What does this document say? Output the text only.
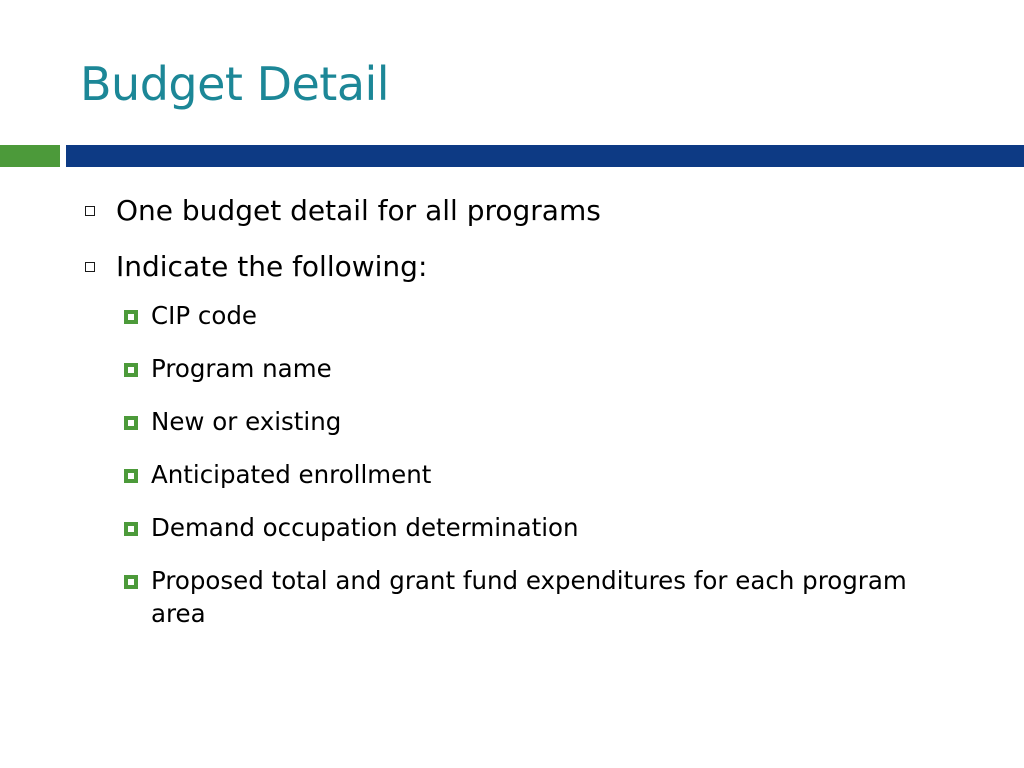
Budget Detail
One budget detail for all programs
Indicate the following:
CIP code
Program name
New or existing
Anticipated enrollment
Demand occupation determination
Proposed total and grant fund expenditures for each program area
